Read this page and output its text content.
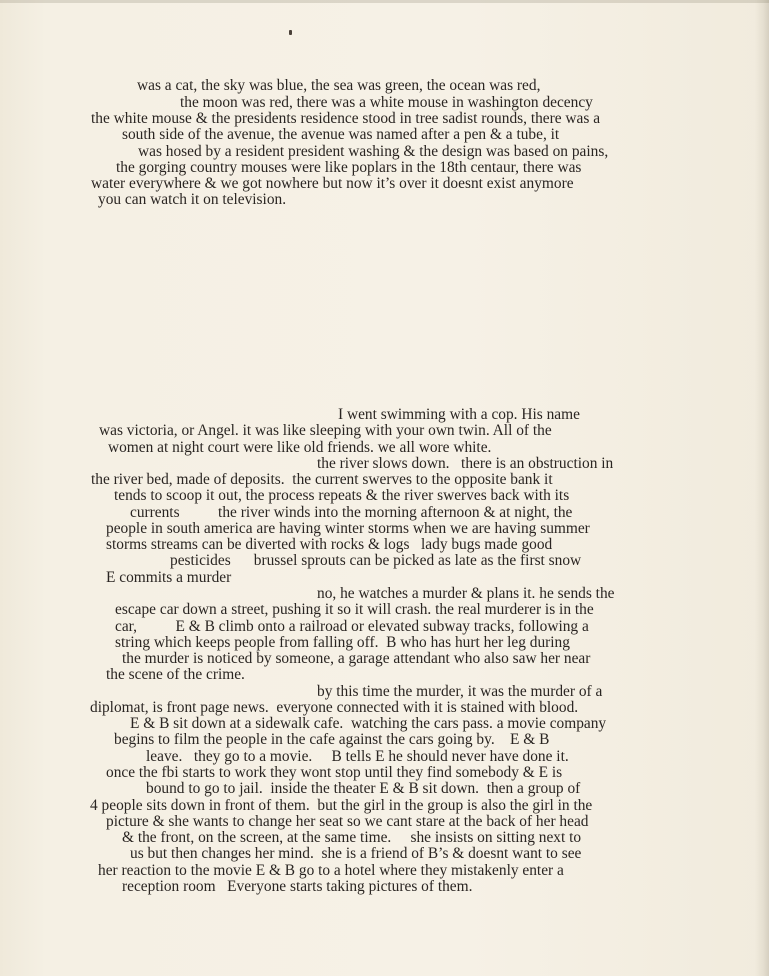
was a cat, the sky was blue, the sea was green, the ocean was red,
the moon was red, there was a white mouse in washington decency
the white mouse & the presidents residence stood in tree sadist rounds, there was a
south side of the avenue, the avenue was named after a pen & a tube, it
was hosed by a resident president washing & the design was based on pains,
the gorging country mouses were like poplars in the 18th centaur, there was
water everywhere & we got nowhere but now it’s over it doesnt exist anymore
you can watch it on television.
I went swimming with a cop. His name
was victoria, or Angel. it was like sleeping with your own twin. All of the
women at night court were like old friends. we all wore white.
the river slows down.   there is an obstruction in
the river bed, made of deposits.  the current swerves to the opposite bank it
tends to scoop it out, the process repeats & the river swerves back with its
currents          the river winds into the morning afternoon & at night, the
people in south america are having winter storms when we are having summer
storms streams can be diverted with rocks & logs   lady bugs made good
pesticides      brussel sprouts can be picked as late as the first snow
E commits a murder
no, he watches a murder & plans it. he sends the
escape car down a street, pushing it so it will crash. the real murderer is in the
car,          E & B climb onto a railroad or elevated subway tracks, following a
string which keeps people from falling off.  B who has hurt her leg during
the murder is noticed by someone, a garage attendant who also saw her near
the scene of the crime.
by this time the murder, it was the murder of a
diplomat, is front page news.  everyone connected with it is stained with blood.
E & B sit down at a sidewalk cafe.  watching the cars pass. a movie company
begins to film the people in the cafe against the cars going by.    E & B
leave.   they go to a movie.     B tells E he should never have done it.
once the fbi starts to work they wont stop until they find somebody & E is
bound to go to jail.  inside the theater E & B sit down.  then a group of
4 people sits down in front of them.  but the girl in the group is also the girl in the
picture & she wants to change her seat so we cant stare at the back of her head
& the front, on the screen, at the same time.     she insists on sitting next to
us but then changes her mind.  she is a friend of B’s & doesnt want to see
her reaction to the movie E & B go to a hotel where they mistakenly enter a
reception room   Everyone starts taking pictures of them.
